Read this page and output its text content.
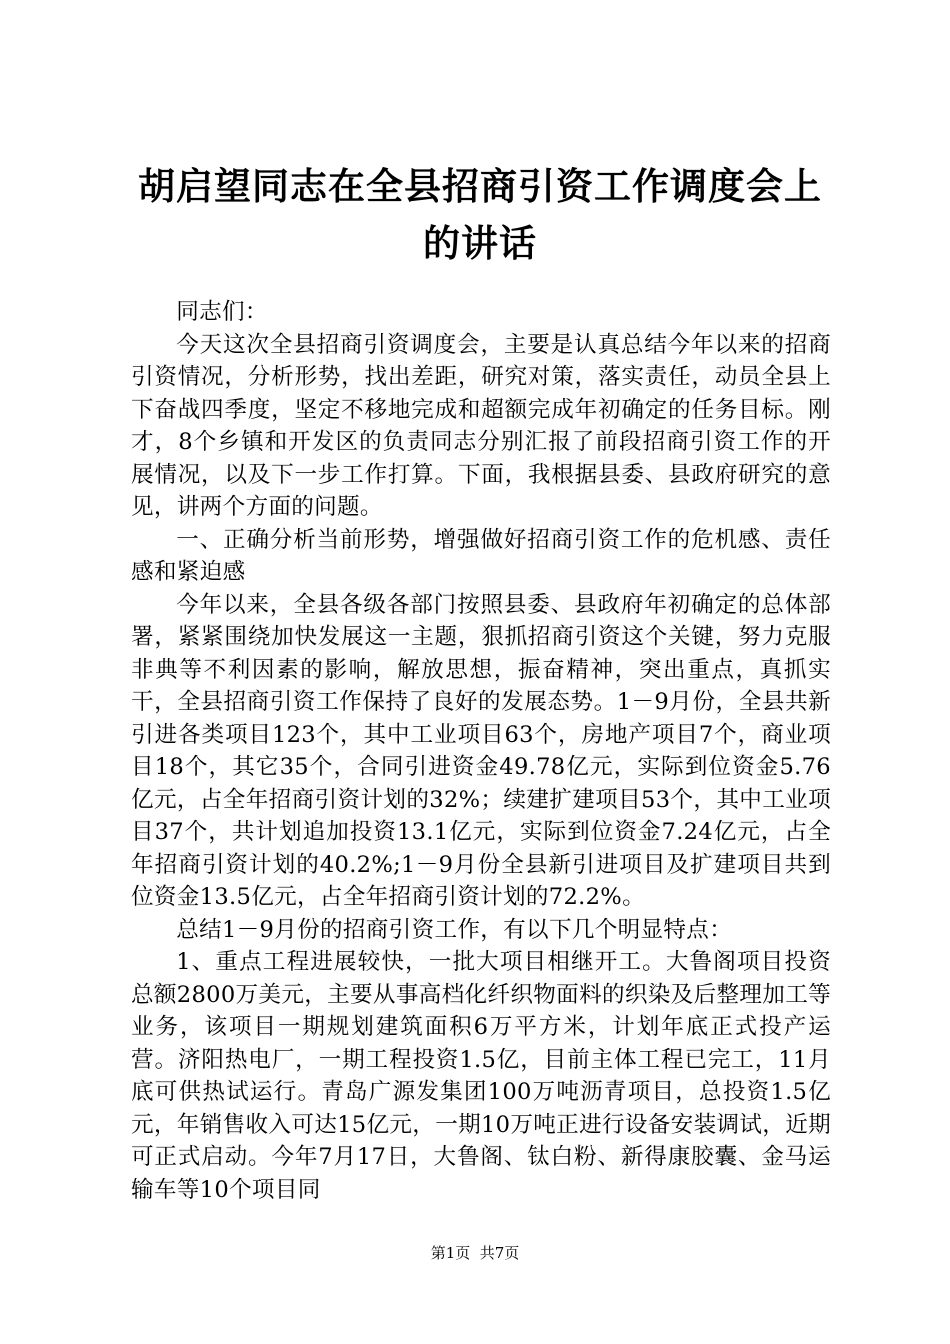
胡启望同志在全县招商引资工作调度会上的讲话

同志们：

今天这次全县招商引资调度会，主要是认真总结今年以来的招商引资情况，分析形势，找出差距，研究对策，落实责任，动员全县上下奋战四季度，坚定不移地完成和超额完成年初确定的任务目标。刚才，8个乡镇和开发区的负责同志分别汇报了前段招商引资工作的开展情况，以及下一步工作打算。下面，我根据县委、县政府研究的意见，讲两个方面的问题。

一、正确分析当前形势，增强做好招商引资工作的危机感、责任感和紧迫感

今年以来，全县各级各部门按照县委、县政府年初确定的总体部署，紧紧围绕加快发展这一主题，狠抓招商引资这个关键，努力克服非典等不利因素的影响，解放思想，振奋精神，突出重点，真抓实干，全县招商引资工作保持了良好的发展态势。1－9月份，全县共新引进各类项目123个，其中工业项目63个，房地产项目7个，商业项目18个，其它35个，合同引进资金49.78亿元，实际到位资金5.76亿元，占全年招商引资计划的32%；续建扩建项目53个，其中工业项目37个，共计划追加投资13.1亿元，实际到位资金7.24亿元，占全年招商引资计划的40.2%;1－9月份全县新引进项目及扩建项目共到位资金13.5亿元，占全年招商引资计划的72.2%。

总结1－9月份的招商引资工作，有以下几个明显特点：

1、重点工程进展较快，一批大项目相继开工。大鲁阁项目投资总额2800万美元，主要从事高档化纤织物面料的织染及后整理加工等业务，该项目一期规划建筑面积6万平方米，计划年底正式投产运营。济阳热电厂，一期工程投资1.5亿，目前主体工程已完工，11月底可供热试运行。青岛广源发集团100万吨沥青项目，总投资1.5亿元，年销售收入可达15亿元，一期10万吨正进行设备安装调试，近期可正式启动。今年7月17日，大鲁阁、钛白粉、新得康胶囊、金马运输车等10个项目同

第1页  共7页
